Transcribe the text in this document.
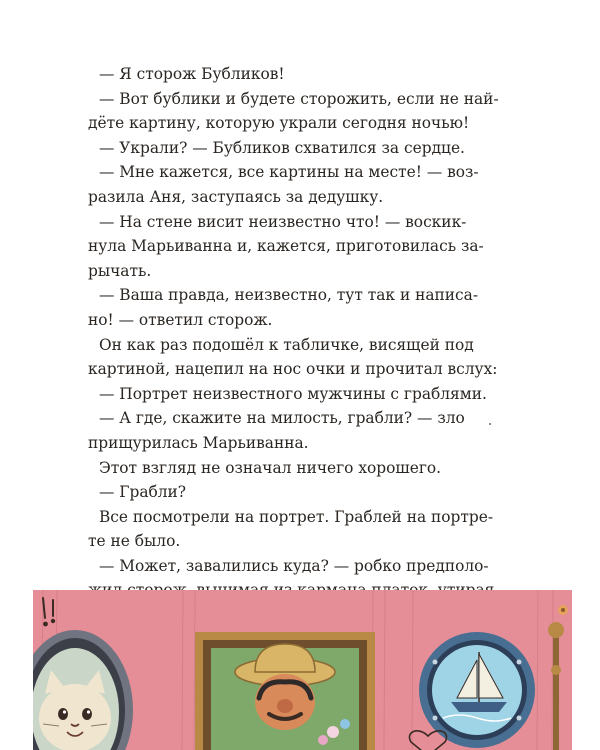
— Я сторож Бубликов!

— Вот бублики и будете сторожить, если не най-
дёте картину, которую украли сегодня ночью!

— Украли? — Бубликов схватился за сердце.

— Мне кажется, все картины на месте! — воз-
разила Аня, заступаясь за дедушку.

— На стене висит неизвестно что! — воскик-
нула Марьиванна и, кажется, приготовилась за-
рычать.

— Ваша правда, неизвестно, тут так и написа-
но! — ответил сторож.

Он как раз подошёл к табличке, висящей под
картиной, нацепил на нос очки и прочитал вслух:

— Портрет неизвестного мужчины с граблями.

— А где, скажите на милость, грабли? — зло
прищурилась Марьиванна.

Этот взгляд не означал ничего хорошего.

— Грабли?

Все посмотрели на портрет. Граблей на портре-
те не было.

— Может, завалились куда? — робко предполо-
